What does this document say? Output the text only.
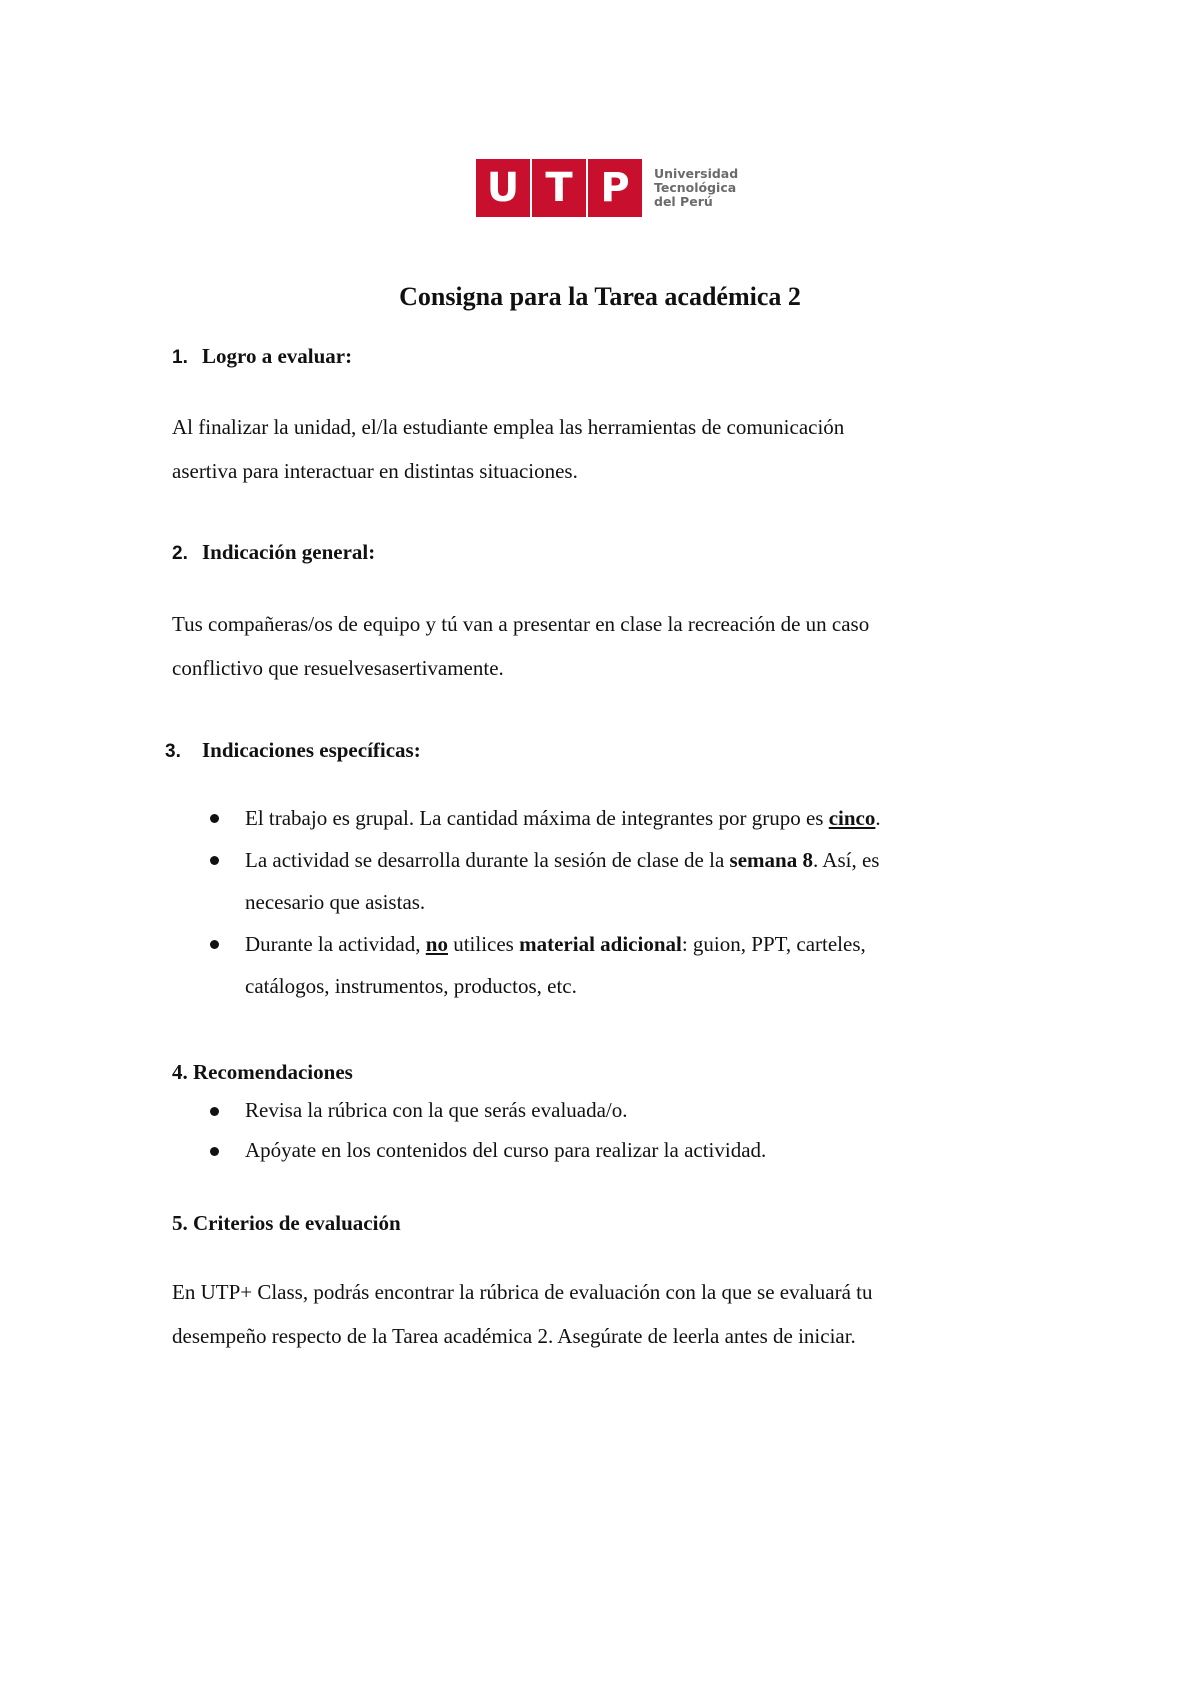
U T P	Universidad
Tecnológica
del Perú
Consigna para la Tarea académica 2
1. Logro a evaluar:
Al finalizar la unidad, el/la estudiante emplea las herramientas de comunicación
asertiva para interactuar en distintas situaciones.
2. Indicación general:
Tus compañeras/os de equipo y tú van a presentar en clase la recreación de un caso
conflictivo que resuelvesasertivamente.
3. Indicaciones específicas:
El trabajo es grupal. La cantidad máxima de integrantes por grupo es cinco.
La actividad se desarrolla durante la sesión de clase de la semana 8. Así, es
necesario que asistas.
Durante la actividad, no utilices material adicional: guion, PPT, carteles,
catálogos, instrumentos, productos, etc.
4. Recomendaciones
Revisa la rúbrica con la que serás evaluada/o.
Apóyate en los contenidos del curso para realizar la actividad.
5. Criterios de evaluación
En UTP+ Class, podrás encontrar la rúbrica de evaluación con la que se evaluará tu
desempeño respecto de la Tarea académica 2. Asegúrate de leerla antes de iniciar.
